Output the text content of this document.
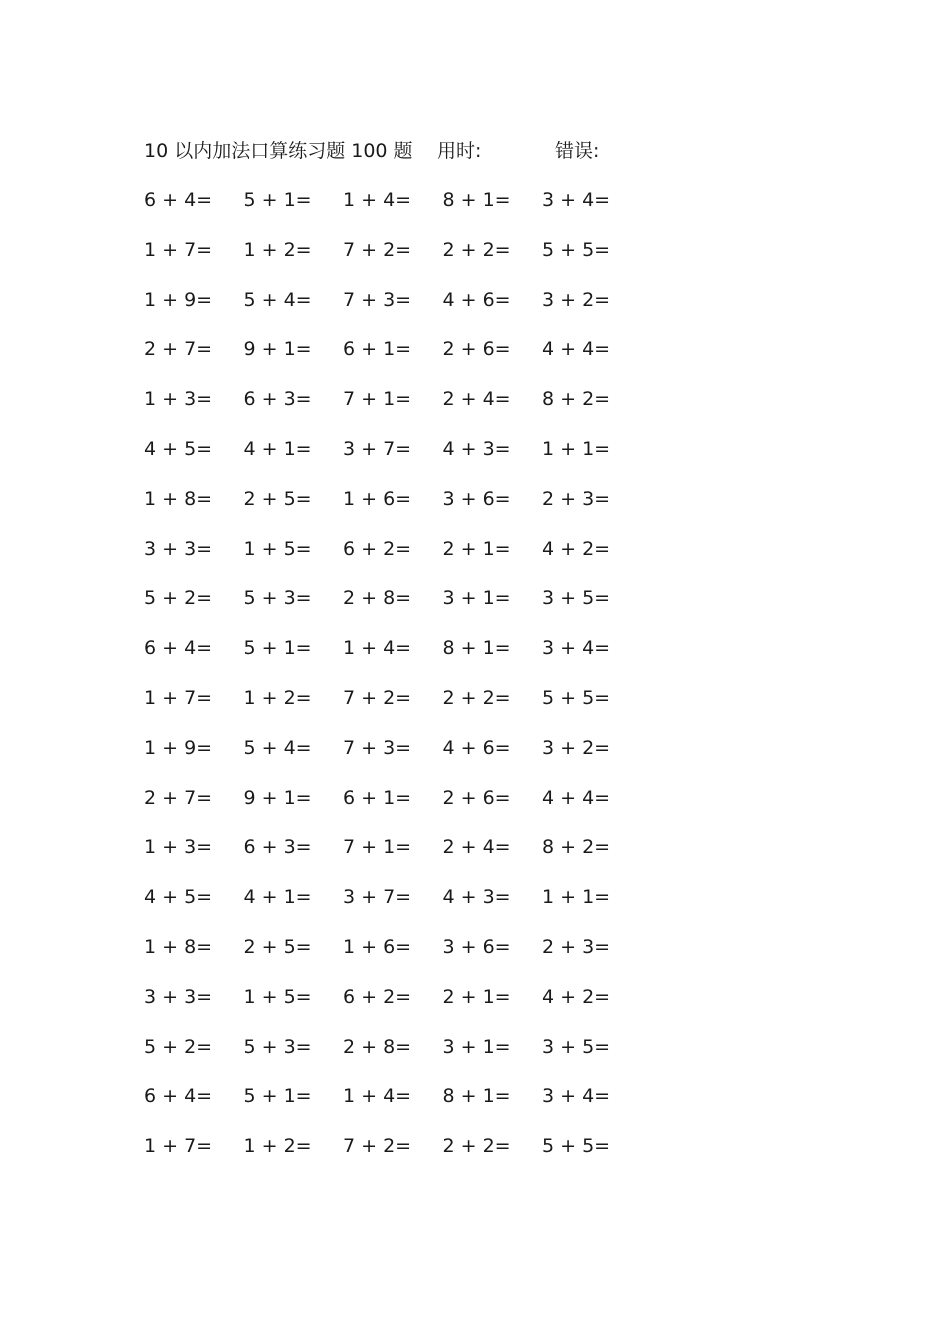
10 以内加法口算练习题 100 题 用时:	错误:
6 + 4= 5 + 1= 1 + 4= 8 + 1= 3 + 4=
1 + 7= 1 + 2= 7 + 2= 2 + 2= 5 + 5=
1 + 9= 5 + 4= 7 + 3= 4 + 6= 3 + 2=
2 + 7= 9 + 1= 6 + 1= 2 + 6= 4 + 4=
1 + 3= 6 + 3= 7 + 1= 2 + 4= 8 + 2=
4 + 5= 4 + 1= 3 + 7= 4 + 3= 1 + 1=
1 + 8= 2 + 5= 1 + 6= 3 + 6= 2 + 3=
3 + 3= 1 + 5= 6 + 2= 2 + 1= 4 + 2=
5 + 2= 5 + 3= 2 + 8= 3 + 1= 3 + 5=
6 + 4= 5 + 1= 1 + 4= 8 + 1= 3 + 4=
1 + 7= 1 + 2= 7 + 2= 2 + 2= 5 + 5=
1 + 9= 5 + 4= 7 + 3= 4 + 6= 3 + 2=
2 + 7= 9 + 1= 6 + 1= 2 + 6= 4 + 4=
1 + 3= 6 + 3= 7 + 1= 2 + 4= 8 + 2=
4 + 5= 4 + 1= 3 + 7= 4 + 3= 1 + 1=
1 + 8= 2 + 5= 1 + 6= 3 + 6= 2 + 3=
3 + 3= 1 + 5= 6 + 2= 2 + 1= 4 + 2=
5 + 2= 5 + 3= 2 + 8= 3 + 1= 3 + 5=
6 + 4= 5 + 1= 1 + 4= 8 + 1= 3 + 4=
1 + 7= 1 + 2= 7 + 2= 2 + 2= 5 + 5=
